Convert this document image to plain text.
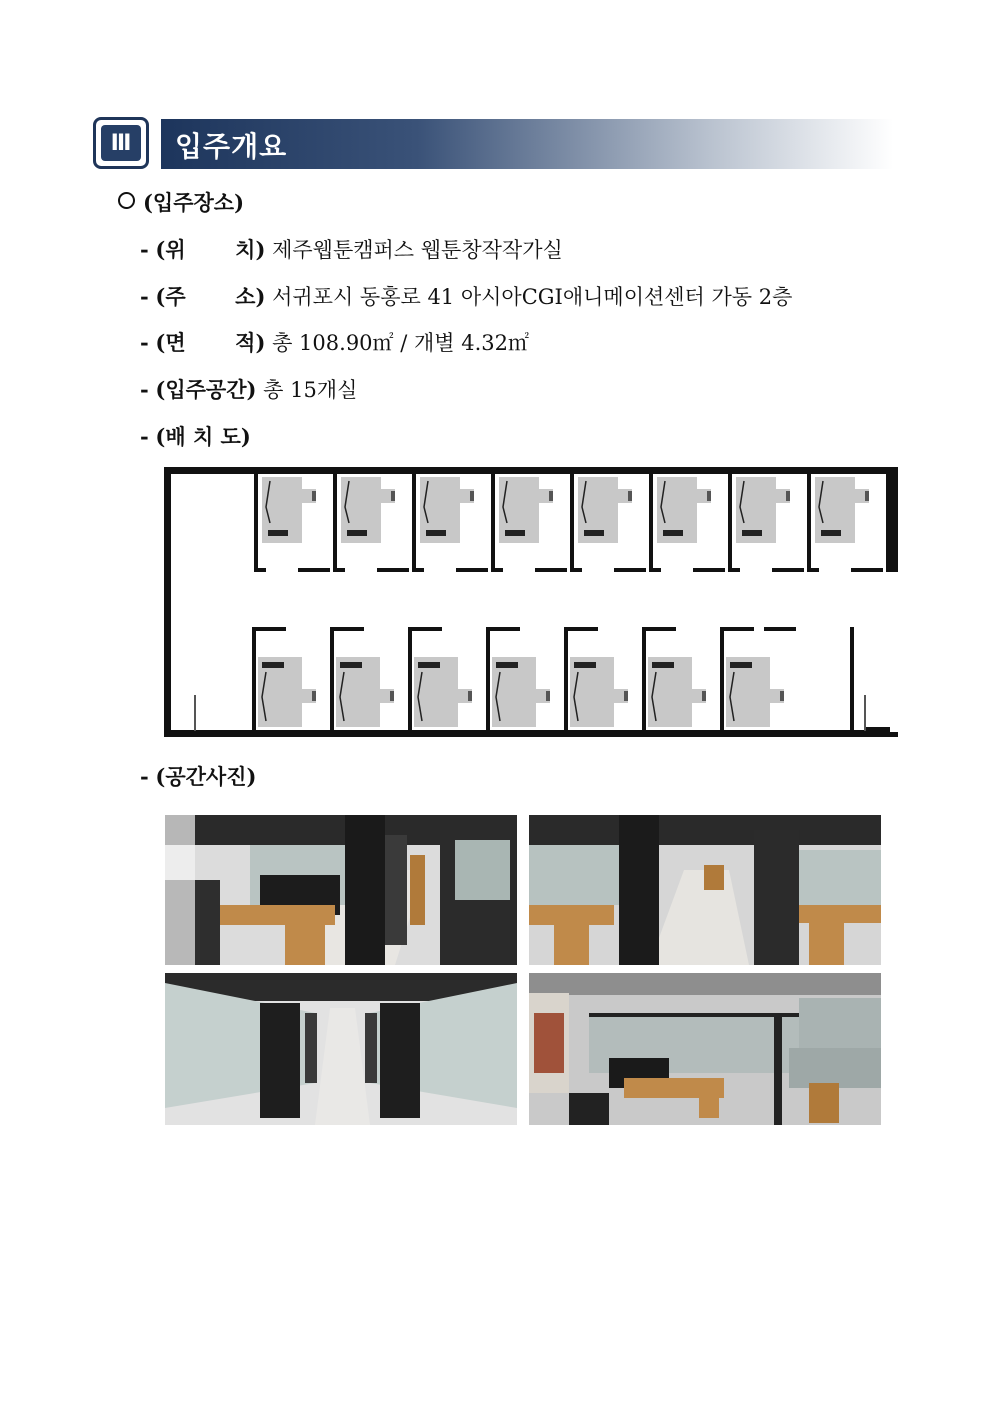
Ⅲ	입주개요
(입주장소)
- (위 치) 제주웹툰캠퍼스 웹툰창작작가실
- (주 소) 서귀포시 동홍로 41 아시아CGI애니메이션센터 가동 2층
- (면 적) 총 108.90㎡ / 개별 4.32㎡
- (입주공간) 총 15개실
- (배 치 도)
- (공간사진)
